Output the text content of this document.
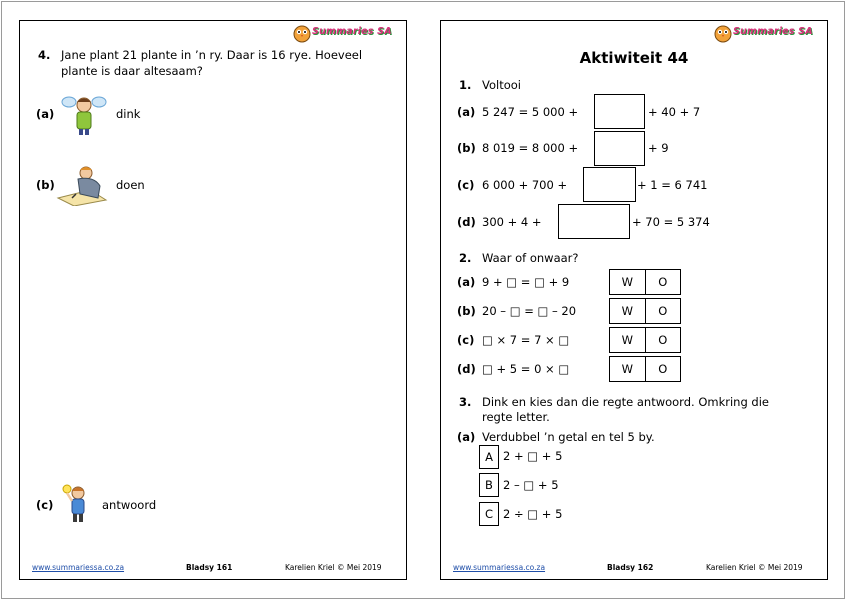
Summaries SA
4. Jane plant 21 plante in ’n ry. Daar is 16 rye. Hoeveel
plante is daar altesaam?
(a)	dink
(b)	doen
(c)	antwoord
www.summariessa.co.za	Bladsy 161	Karelien Kriel © Mei 2019
Summaries SA
Aktiwiteit 44
1. Voltooi
(a) 5 247 = 5 000 +	+ 40 + 7
(b) 8 019 = 8 000 +	+ 9
(c) 6 000 + 700 +	+ 1 = 6 741
(d) 300 + 4 +	+ 70 = 5 374
2. Waar of onwaar?
(a) 9 + □ = □ + 9	W	O
(b) 20 – □ = □ – 20	W	O
(c) □ × 7 = 7 × □	W	O
(d) □ + 5 = 0 × □	W	O
3. Dink en kies dan die regte antwoord. Omkring die
regte letter.
(a) Verdubbel ’n getal en tel 5 by.
A 2 + □ + 5
B 2 – □ + 5
C 2 ÷ □ + 5
www.summariessa.co.za	Bladsy 162	Karelien Kriel © Mei 2019
